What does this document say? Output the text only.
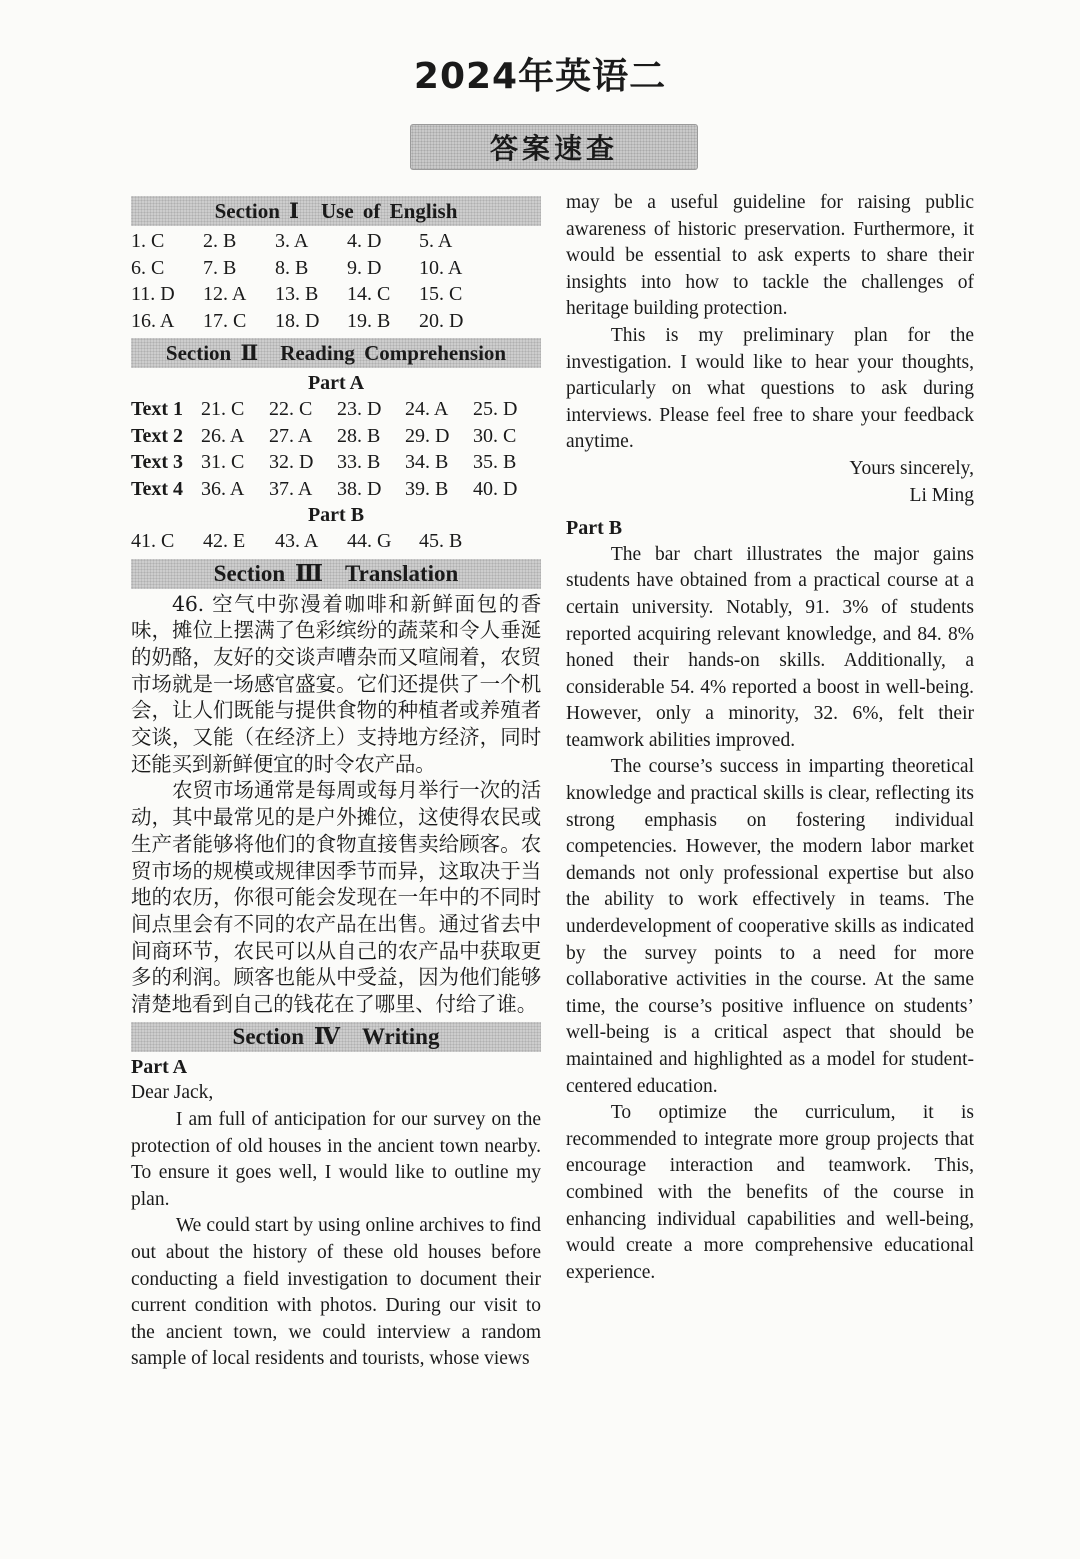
2024年英语二
答案速查
Section Ⅰ Use of English
1. C	2. B	3. A	4. D	5. A
6. C	7. B	8. B	9. D	10. A
11. D	12. A	13. B	14. C	15. C
16. A	17. C	18. D	19. B	20. D
Section Ⅱ Reading Comprehension
Part A
Text 1 21. C	22. C	23. D	24. A	25. D
Text 2 26. A	27. A	28. B	29. D	30. C
Text 3 31. C	32. D	33. B	34. B	35. B
Text 4 36. A	37. A	38. D	39. B	40. D
Part B
41. C	42. E	43. A	44. G	45. B
Section Ⅲ Translation

46. 空气中弥漫着咖啡和新鲜面包的香味，摊位上摆满了色彩缤纷的蔬菜和令人垂涎的奶酪，友好的交谈声嘈杂而又喧闹着，农贸市场就是一场感官盛宴。它们还提供了一个机会，让人们既能与提供食物的种植者或养殖者交谈，又能（在经济上）支持地方经济，同时还能买到新鲜便宜的时令农产品。

农贸市场通常是每周或每月举行一次的活动，其中最常见的是户外摊位，这使得农民或生产者能够将他们的食物直接售卖给顾客。农贸市场的规模或规律因季节而异，这取决于当地的农历，你很可能会发现在一年中的不同时间点里会有不同的农产品在出售。通过省去中间商环节，农民可以从自己的农产品中获取更多的利润。顾客也能从中受益，因为他们能够清楚地看到自己的钱花在了哪里、付给了谁。

Section Ⅳ Writing

Part A

Dear Jack,

I am full of anticipation for our survey on the protection of old houses in the ancient town nearby. To ensure it goes well, I would like to outline my plan.

We could start by using online archives to find out about the history of these old houses before conducting a field investigation to document their current condition with photos. During our visit to the ancient town, we could interview a random sample of local residents and tourists, whose views

may be a useful guideline for raising public awareness of historic preservation. Furthermore, it would be essential to ask experts to share their insights into how to tackle the challenges of heritage building protection.

This is my preliminary plan for the investigation. I would like to hear your thoughts, particularly on what questions to ask during interviews. Please feel free to share your feedback anytime.

Yours sincerely,
Li Ming

Part B

The bar chart illustrates the major gains students have obtained from a practical course at a certain university. Notably, 91. 3% of students reported acquiring relevant knowledge, and 84. 8% honed their hands-on skills. Additionally, a considerable 54. 4% reported a boost in well-being. However, only a minority, 32. 6%, felt their teamwork abilities improved.

The course’s success in imparting theoretical knowledge and practical skills is clear, reflecting its strong emphasis on fostering individual competencies. However, the modern labor market demands not only professional expertise but also the ability to work effectively in teams. The underdevelopment of cooperative skills as indicated by the survey points to a need for more collaborative activities in the course. At the same time, the course’s positive influence on students’ well-being is a critical aspect that should be maintained and highlighted as a model for student-centered education.

To optimize the curriculum, it is recommended to integrate more group projects that encourage interaction and teamwork. This, combined with the benefits of the course in enhancing individual capabilities and well-being, would create a more comprehensive educational experience.
